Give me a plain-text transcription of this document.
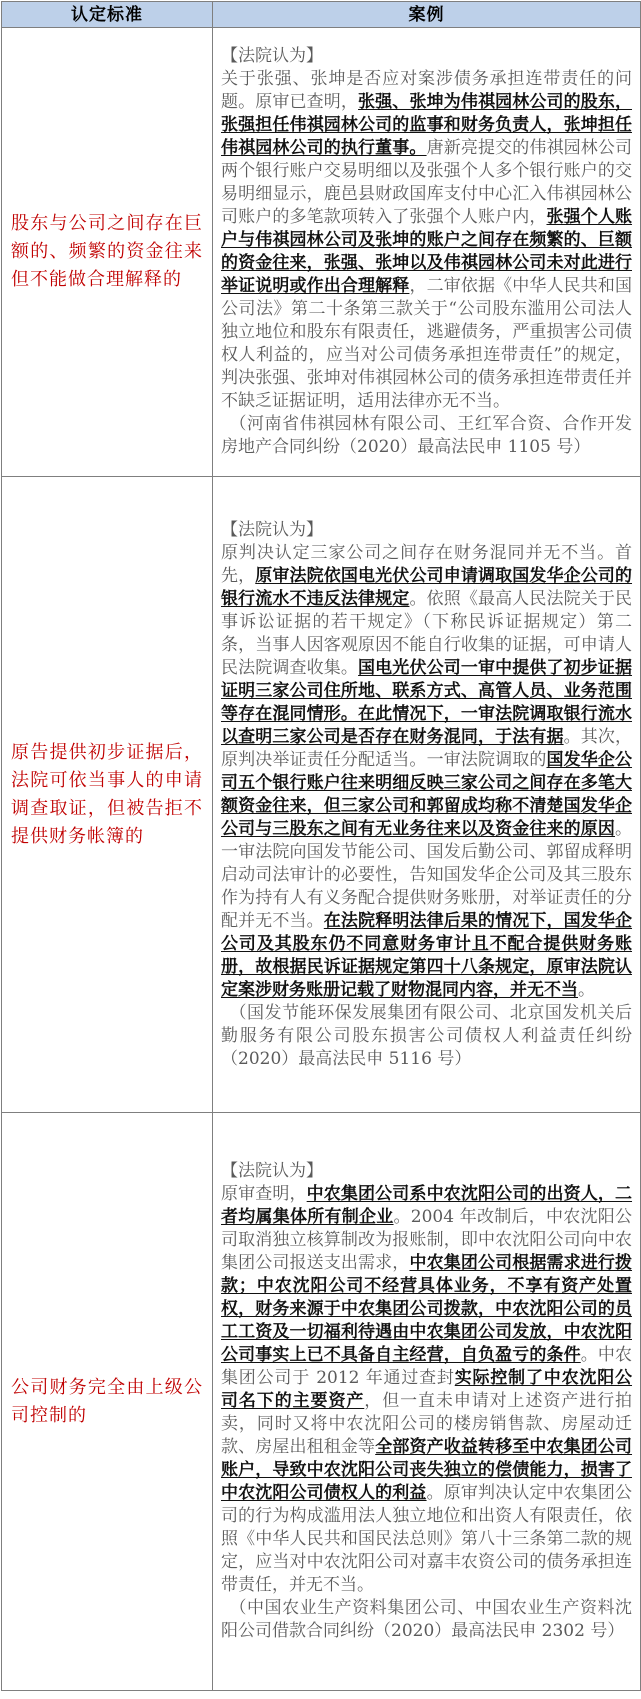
认定标准	案例
股东与公司之间存在巨额的、频繁的资金往来但不能做合理解释的	【法院认为】

关于张强、张坤是否应对案涉债务承担连带责任的问题。原审已查明，张强、张坤为伟祺园林公司的股东，张强担任伟祺园林公司的监事和财务负责人，张坤担任伟祺园林公司的执行董事。唐新亮提交的伟祺园林公司两个银行账户交易明细以及张强个人多个银行账户的交易明细显示，鹿邑县财政国库支付中心汇入伟祺园林公司账户的多笔款项转入了张强个人账户内，张强个人账户与伟祺园林公司及张坤的账户之间存在频繁的、巨额的资金往来，张强、张坤以及伟祺园林公司未对此进行举证说明或作出合理解释，二审依据《中华人民共和国公司法》第二十条第三款关于“公司股东滥用公司法人独立地位和股东有限责任，逃避债务，严重损害公司债权人利益的，应当对公司债务承担连带责任”的规定，判决张强、张坤对伟祺园林公司的债务承担连带责任并不缺乏证据证明，适用法律亦无不当。

（河南省伟祺园林有限公司、王红军合资、合作开发房地产合同纠纷（2020）最高法民申 1105 号）

原告提供初步证据后，法院可依当事人的申请调查取证，但被告拒不提供财务帐簿的	【法院认为】

原判决认定三家公司之间存在财务混同并无不当。首先，原审法院依国电光伏公司申请调取国发华企公司的银行流水不违反法律规定。依照《最高人民法院关于民事诉讼证据的若干规定》（下称民诉证据规定）第二条，当事人因客观原因不能自行收集的证据，可申请人民法院调查收集。国电光伏公司一审中提供了初步证据证明三家公司住所地、联系方式、高管人员、业务范围等存在混同情形。在此情况下，一审法院调取银行流水以查明三家公司是否存在财务混同，于法有据。其次，原判决举证责任分配适当。一审法院调取的国发华企公司五个银行账户往来明细反映三家公司之间存在多笔大额资金往来，但三家公司和郭留成均称不清楚国发华企公司与三股东之间有无业务往来以及资金往来的原因。一审法院向国发节能公司、国发后勤公司、郭留成释明启动司法审计的必要性，告知国发华企公司及其三股东作为持有人有义务配合提供财务账册，对举证责任的分配并无不当。在法院释明法律后果的情况下，国发华企公司及其股东仍不同意财务审计且不配合提供财务账册，故根据民诉证据规定第四十八条规定，原审法院认定案涉财务账册记载了财物混同内容，并无不当。

（国发节能环保发展集团有限公司、北京国发机关后勤服务有限公司股东损害公司债权人利益责任纠纷（2020）最高法民申 5116 号）

公司财务完全由上级公司控制的	【法院认为】

原审查明，中农集团公司系中农沈阳公司的出资人，二者均属集体所有制企业。2004 年改制后，中农沈阳公司取消独立核算制改为报账制，即中农沈阳公司向中农集团公司报送支出需求，中农集团公司根据需求进行拨款；中农沈阳公司不经营具体业务，不享有资产处置权，财务来源于中农集团公司拨款，中农沈阳公司的员工工资及一切福利待遇由中农集团公司发放，中农沈阳公司事实上已不具备自主经营，自负盈亏的条件。中农集团公司于 2012 年通过查封实际控制了中农沈阳公司名下的主要资产，但一直未申请对上述资产进行拍卖，同时又将中农沈阳公司的楼房销售款、房屋动迁款、房屋出租租金等全部资产收益转移至中农集团公司账户，导致中农沈阳公司丧失独立的偿债能力，损害了中农沈阳公司债权人的利益。原审判决认定中农集团公司的行为构成滥用法人独立地位和出资人有限责任，依照《中华人民共和国民法总则》第八十三条第二款的规定，应当对中农沈阳公司对嘉丰农资公司的债务承担连带责任，并无不当。

（中国农业生产资料集团公司、中国农业生产资料沈阳公司借款合同纠纷（2020）最高法民申 2302 号）
